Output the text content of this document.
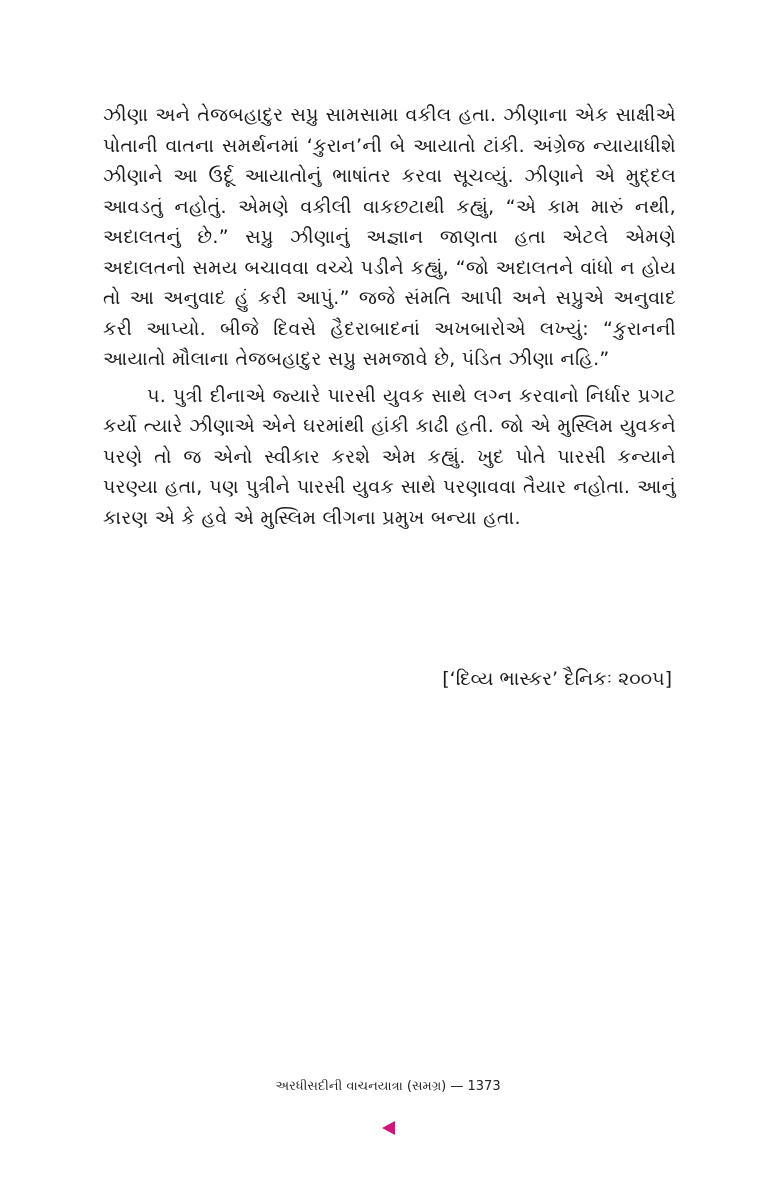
ઝીણા અને તેજબહાદુર સપ્રુ સામસામા વકીલ હતા. ઝીણાના એક સાક્ષીએ પોતાની વાતના સમર્થનમાં ‘કુરાન’ની બે આયાતો ટાંકી. અંગ્રેજ ન્યાયાધીશે ઝીણાને આ ઉર્દૂ આયાતોનું ભાષાંતર કરવા સૂચવ્યું. ઝીણાને એ મુદ્દલ આવડતું નહોતું. એમણે વકીલી વાકછટાથી કહ્યું, “એ કામ મારું નથી, અદાલતનું છે.” સપ્રુ ઝીણાનું અજ્ઞાન જાણતા હતા એટલે એમણે અદાલતનો સમય બચાવવા વચ્ચે પડીને કહ્યું, “જો અદાલતને વાંધો ન હોય તો આ અનુવાદ હું કરી આપું.” જજે સંમતિ આપી અને સપ્રુએ અનુવાદ કરી આપ્યો. બીજે દિવસે હૈદરાબાદનાં અખબારોએ લખ્યું: “કુરાનની આયાતો મૌલાના તેજબહાદુર સપ્રુ સમજાવે છે, પંડિત ઝીણા નહિ.”

૫. પુત્રી દીનાએ જ્યારે પારસી યુવક સાથે લગ્ન કરવાનો નિર્ધાર પ્રગટ કર્યો ત્યારે ઝીણાએ એને ઘરમાંથી હાંકી કાઢી હતી. જો એ મુસ્લિમ યુવકને પરણે તો જ એનો સ્વીકાર કરશે એમ કહ્યું. ખુદ પોતે પારસી કન્યાને પરણ્યા હતા, પણ પુત્રીને પારસી યુવક સાથે પરણાવવા તૈયાર નહોતા. આનું કારણ એ કે હવે એ મુસ્લિમ લીગના પ્રમુખ બન્યા હતા.

[‘દિવ્ય ભાસ્કર’ દૈનિકઃ ૨૦૦૫]
અરધીસદીની વાચનયાત્રા (સમગ્ર) — 1373
